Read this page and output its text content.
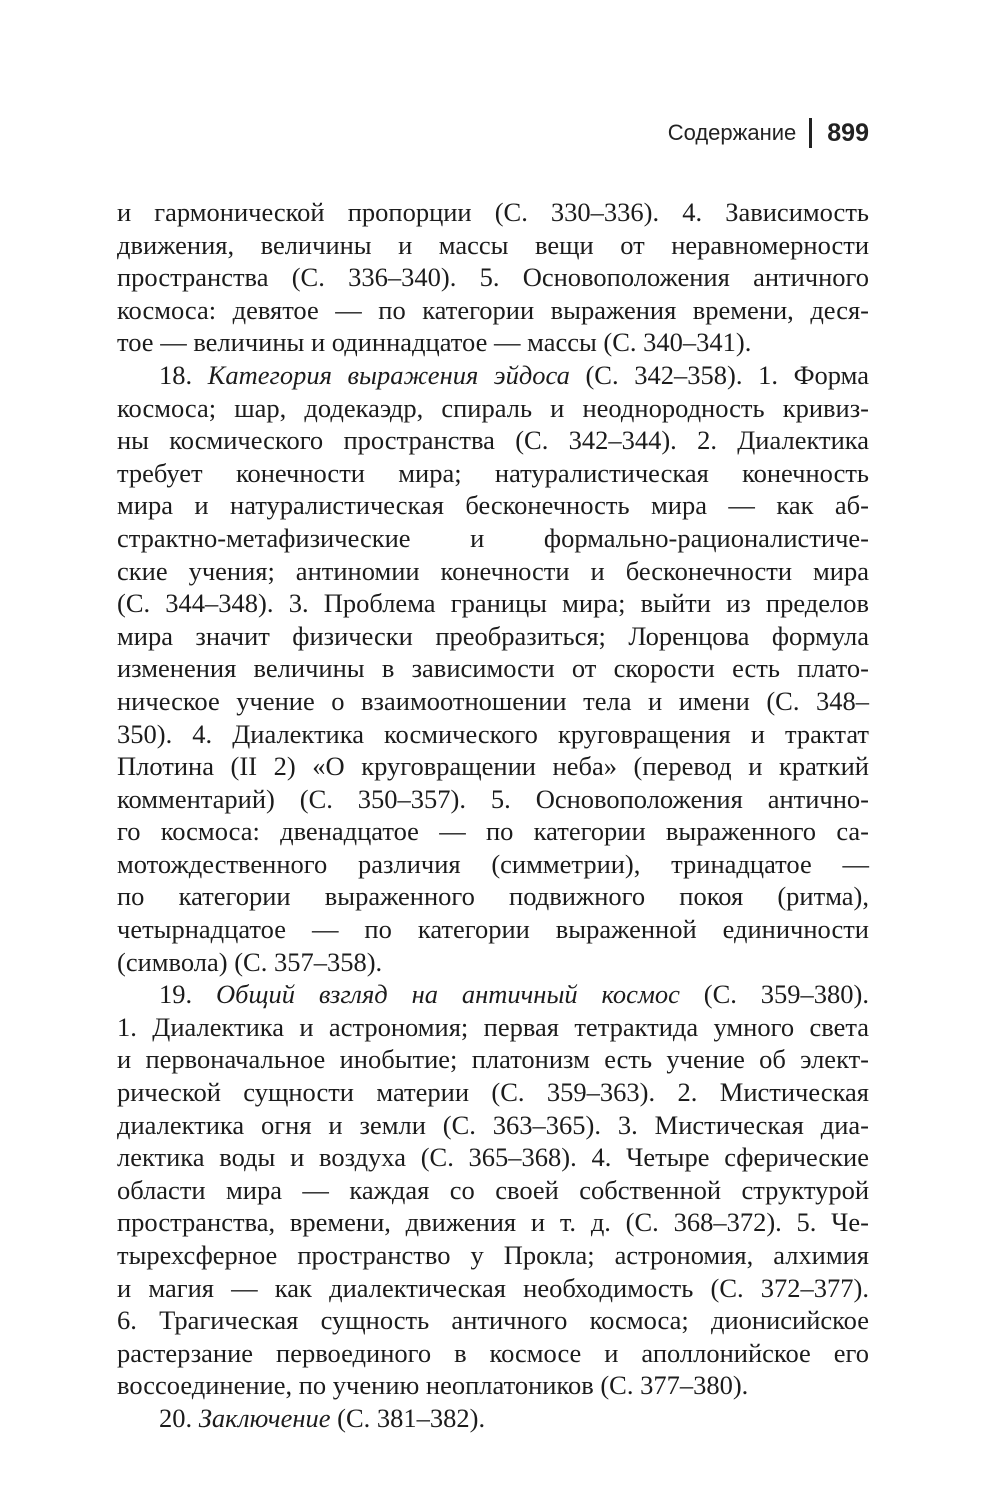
Содержание 899
и гармонической пропорции (С. 330–336). 4. Зависимость
движения, величины и массы вещи от неравномерности
пространства (С. 336–340). 5. Основоположения античного
космоса: девятое — по категории выражения времени, деся-
тое — величины и одиннадцатое — массы (С. 340–341).
18. Категория выражения эйдоса (С. 342–358). 1. Форма
космоса; шар, додекаэдр, спираль и неоднородность кривиз-
ны космического пространства (С. 342–344). 2. Диалектика
требует конечности мира; натуралистическая конечность
мира и натуралистическая бесконечность мира — как аб-
страктно-метафизические и формально-рационалистиче-
ские учения; антиномии конечности и бесконечности мира
(С. 344–348). 3. Проблема границы мира; выйти из пределов
мира значит физически преобразиться; Лоренцова формула
изменения величины в зависимости от скорости есть плато-
ническое учение о взаимоотношении тела и имени (С. 348–
350). 4. Диалектика космического круговращения и трактат
Плотина (II 2) «О круговращении неба» (перевод и краткий
комментарий) (С. 350–357). 5. Основоположения антично-
го космоса: двенадцатое — по категории выраженного са-
мотождественного различия (симметрии), тринадцатое —
по категории выраженного подвижного покоя (ритма),
четырнадцатое — по категории выраженной единичности
(символа) (С. 357–358).
19. Общий взгляд на античный космос (С. 359–380).
1. Диалектика и астрономия; первая тетрактида умного света
и первоначальное инобытие; платонизм есть учение об элект-
рической сущности материи (С. 359–363). 2. Мистическая
диалектика огня и земли (С. 363–365). 3. Мистическая диа-
лектика воды и воздуха (С. 365–368). 4. Четыре сферические
области мира — каждая со своей собственной структурой
пространства, времени, движения и т. д. (С. 368–372). 5. Че-
тырехсферное пространство у Прокла; астрономия, алхимия
и магия — как диалектическая необходимость (С. 372–377).
6. Трагическая сущность античного космоса; дионисийское
растерзание первоединого в космосе и аполлонийское его
воссоединение, по учению неоплатоников (С. 377–380).
20. Заключение (С. 381–382).
